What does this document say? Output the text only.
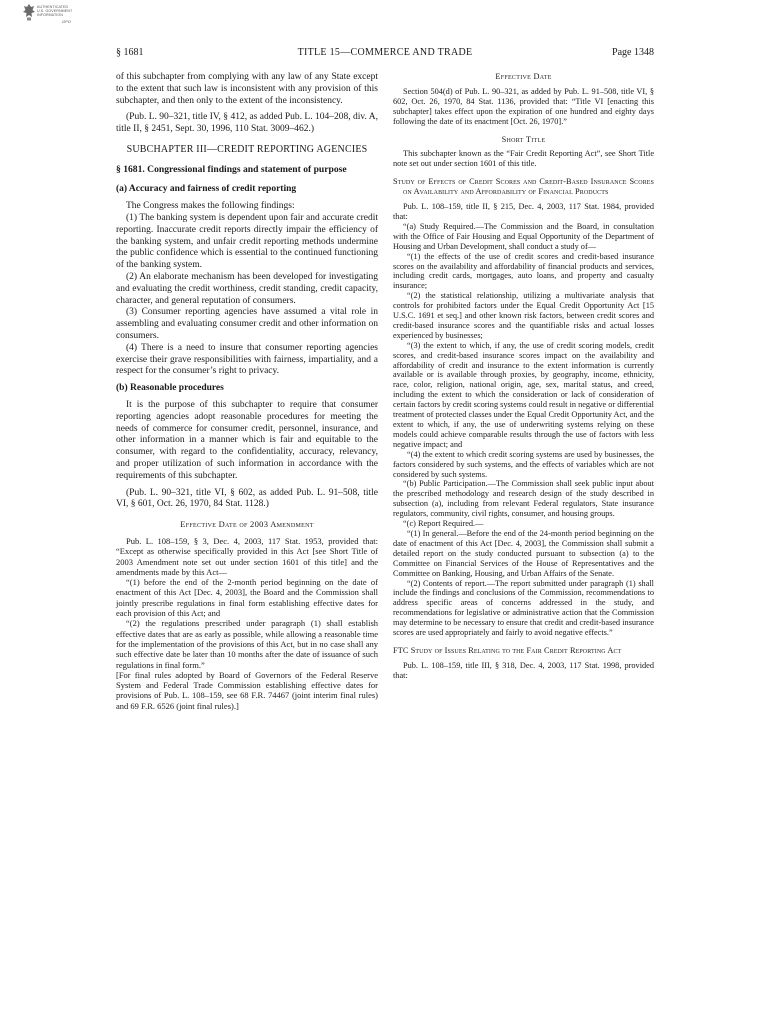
AUTHENTICATED
U.S. GOVERNMENT
INFORMATION
GPO
TITLE 15—COMMERCE AND TRADE
§ 1681	Page 1348

of this subchapter from complying with any law of any State except to the extent that such law is inconsistent with any provision of this subchapter, and then only to the extent of the inconsistency.

(Pub. L. 90–321, title IV, § 412, as added Pub. L. 104–208, div. A, title II, § 2451, Sept. 30, 1996, 110 Stat. 3009–462.)

SUBCHAPTER III—CREDIT REPORTING AGENCIES

§ 1681. Congressional findings and statement of purpose

(a) Accuracy and fairness of credit reporting

The Congress makes the following findings:

(1) The banking system is dependent upon fair and accurate credit reporting. Inaccurate credit reports directly impair the efficiency of the banking system, and unfair credit reporting methods undermine the public confidence which is essential to the continued functioning of the banking system.

(2) An elaborate mechanism has been developed for investigating and evaluating the credit worthiness, credit standing, credit capacity, character, and general reputation of consumers.

(3) Consumer reporting agencies have assumed a vital role in assembling and evaluating consumer credit and other information on consumers.

(4) There is a need to insure that consumer reporting agencies exercise their grave responsibilities with fairness, impartiality, and a respect for the consumer’s right to privacy.

(b) Reasonable procedures

It is the purpose of this subchapter to require that consumer reporting agencies adopt reasonable procedures for meeting the needs of commerce for consumer credit, personnel, insurance, and other information in a manner which is fair and equitable to the consumer, with regard to the confidentiality, accuracy, relevancy, and proper utilization of such information in accordance with the requirements of this subchapter.

(Pub. L. 90–321, title VI, § 602, as added Pub. L. 91–508, title VI, § 601, Oct. 26, 1970, 84 Stat. 1128.)

Effective Date of 2003 Amendment

Pub. L. 108–159, § 3, Dec. 4, 2003, 117 Stat. 1953, provided that: “Except as otherwise specifically provided in this Act [see Short Title of 2003 Amendment note set out under section 1601 of this title] and the amendments made by this Act—

“(1) before the end of the 2-month period beginning on the date of enactment of this Act [Dec. 4, 2003], the Board and the Commission shall jointly prescribe regulations in final form establishing effective dates for each provision of this Act; and

“(2) the regulations prescribed under paragraph (1) shall establish effective dates that are as early as possible, while allowing a reasonable time for the implementation of the provisions of this Act, but in no case shall any such effective date be later than 10 months after the date of issuance of such regulations in final form.”

[For final rules adopted by Board of Governors of the Federal Reserve System and Federal Trade Commission establishing effective dates for provisions of Pub. L. 108–159, see 68 F.R. 74467 (joint interim final rules) and 69 F.R. 6526 (joint final rules).]

Effective Date

Section 504(d) of Pub. L. 90–321, as added by Pub. L. 91–508, title VI, § 602, Oct. 26, 1970, 84 Stat. 1136, provided that: “Title VI [enacting this subchapter] takes effect upon the expiration of one hundred and eighty days following the date of its enactment [Oct. 26, 1970].”

Short Title

This subchapter known as the “Fair Credit Reporting Act”, see Short Title note set out under section 1601 of this title.

Study of Effects of Credit Scores and Credit-Based Insurance Scores on Availability and Affordability of Financial Products

Pub. L. 108–159, title II, § 215, Dec. 4, 2003, 117 Stat. 1984, provided that:

“(a) Study Required.—The Commission and the Board, in consultation with the Office of Fair Housing and Equal Opportunity of the Department of Housing and Urban Development, shall conduct a study of—

“(1) the effects of the use of credit scores and credit-based insurance scores on the availability and affordability of financial products and services, including credit cards, mortgages, auto loans, and property and casualty insurance;

“(2) the statistical relationship, utilizing a multivariate analysis that controls for prohibited factors under the Equal Credit Opportunity Act [15 U.S.C. 1691 et seq.] and other known risk factors, between credit scores and credit-based insurance scores and the quantifiable risks and actual losses experienced by businesses;

“(3) the extent to which, if any, the use of credit scoring models, credit scores, and credit-based insurance scores impact on the availability and affordability of credit and insurance to the extent information is currently available or is available through proxies, by geography, income, ethnicity, race, color, religion, national origin, age, sex, marital status, and creed, including the extent to which the consideration or lack of consideration of certain factors by credit scoring systems could result in negative or differential treatment of protected classes under the Equal Credit Opportunity Act, and the extent to which, if any, the use of underwriting systems relying on these models could achieve comparable results through the use of factors with less negative impact; and

“(4) the extent to which credit scoring systems are used by businesses, the factors considered by such systems, and the effects of variables which are not considered by such systems.

“(b) Public Participation.—The Commission shall seek public input about the prescribed methodology and research design of the study described in subsection (a), including from relevant Federal regulators, State insurance regulators, community, civil rights, consumer, and housing groups.

“(c) Report Required.—

“(1) In general.—Before the end of the 24-month period beginning on the date of enactment of this Act [Dec. 4, 2003], the Commission shall submit a detailed report on the study conducted pursuant to subsection (a) to the Committee on Financial Services of the House of Representatives and the Committee on Banking, Housing, and Urban Affairs of the Senate.

“(2) Contents of report.—The report submitted under paragraph (1) shall include the findings and conclusions of the Commission, recommendations to address specific areas of concerns addressed in the study, and recommendations for legislative or administrative action that the Commission may determine to be necessary to ensure that credit and credit-based insurance scores are used appropriately and fairly to avoid negative effects.”

FTC Study of Issues Relating to the Fair Credit Reporting Act

Pub. L. 108–159, title III, § 318, Dec. 4, 2003, 117 Stat. 1998, provided that:
